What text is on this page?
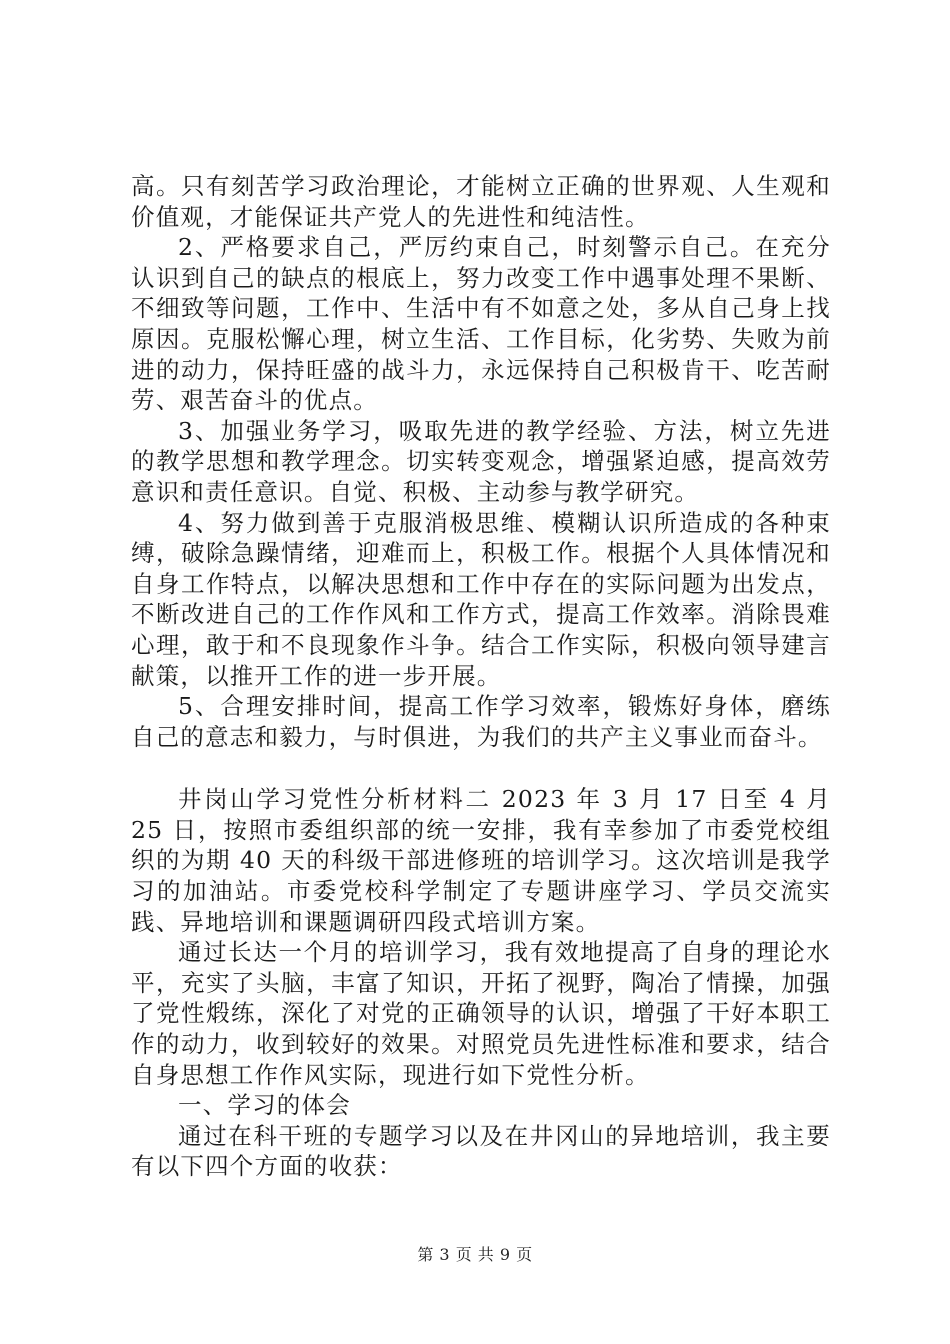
高。只有刻苦学习政治理论，才能树立正确的世界观、人生观和价值观，才能保证共产党人的先进性和纯洁性。

2、严格要求自己，严厉约束自己，时刻警示自己。在充分认识到自己的缺点的根底上，努力改变工作中遇事处理不果断、不细致等问题，工作中、生活中有不如意之处，多从自己身上找原因。克服松懈心理，树立生活、工作目标，化劣势、失败为前进的动力，保持旺盛的战斗力，永远保持自己积极肯干、吃苦耐劳、艰苦奋斗的优点。

3、加强业务学习，吸取先进的教学经验、方法，树立先进的教学思想和教学理念。切实转变观念，增强紧迫感，提高效劳意识和责任意识。自觉、积极、主动参与教学研究。

4、努力做到善于克服消极思维、模糊认识所造成的各种束缚，破除急躁情绪，迎难而上，积极工作。根据个人具体情况和自身工作特点，以解决思想和工作中存在的实际问题为出发点，不断改进自己的工作作风和工作方式，提高工作效率。消除畏难心理，敢于和不良现象作斗争。结合工作实际，积极向领导建言献策，以推开工作的进一步开展。

5、合理安排时间，提高工作学习效率，锻炼好身体，磨练自己的意志和毅力，与时俱进，为我们的共产主义事业而奋斗。

井岗山学习党性分析材料二 2023 年 3 月 17 日至 4 月 25 日，按照市委组织部的统一安排，我有幸参加了市委党校组织的为期 40 天的科级干部进修班的培训学习。这次培训是我学习的加油站。市委党校科学制定了专题讲座学习、学员交流实践、异地培训和课题调研四段式培训方案。

通过长达一个月的培训学习，我有效地提高了自身的理论水平，充实了头脑，丰富了知识，开拓了视野，陶冶了情操，加强了党性煅练，深化了对党的正确领导的认识，增强了干好本职工作的动力，收到较好的效果。对照党员先进性标准和要求，结合自身思想工作作风实际，现进行如下党性分析。

一、学习的体会

通过在科干班的专题学习以及在井冈山的异地培训，我主要有以下四个方面的收获：

第 3 页 共 9 页
